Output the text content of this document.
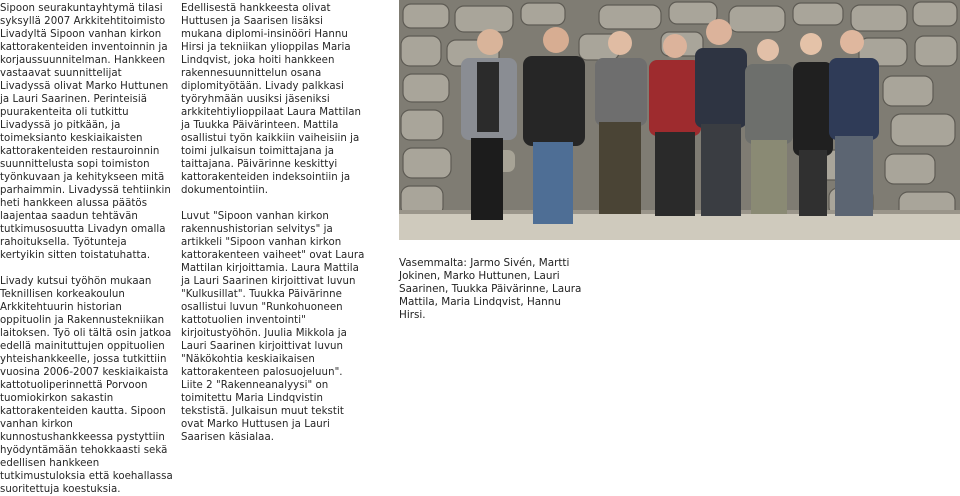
Sipoon seurakuntayhtymä tilasi syksyllä 2007 Arkkitehtitoimisto Livadyltä Sipoon vanhan kirkon kattorakenteiden inventoinnin ja korjaussuunnitelman. Hankkeen vastaavat suunnittelijat Livadyssä olivat Marko Huttunen ja Lauri Saarinen. Perinteisiä puurakenteita oli tutkittu Livadyssä jo pitkään, ja toimeksianto keskiaikaisten kattorakenteiden restauroinnin suunnittelusta sopi toimiston työnkuvaan ja kehitykseen mitä parhaimmin. Livadyssä tehtiinkin heti hankkeen alussa päätös laajentaa saadun tehtävän tutkimusosuutta Livadyn omalla rahoituksella. Työtunteja kertyikin sitten toistatuhatta.

Livady kutsui työhön mukaan Teknillisen korkeakoulun Arkkitehtuurin historian oppituolin ja Rakennustekniikan laitoksen. Työ oli tältä osin jatkoa edellä mainituttujen oppituolien yhteishankkeelle, jossa tutkittiin vuosina 2006-2007 keskiaikaista kattotuoliperinnettä Porvoon tuomiokirkon sakastin kattorakenteiden kautta. Sipoon vanhan kirkon kunnostushankkeessa pystyttiin hyödyntämään tehokkaasti sekä edellisen hankkeen tutkimustuloksia että koehallassa suoritettuja koestuksia.

Edellisestä hankkeesta olivat Huttusen ja Saarisen lisäksi mukana diplomi-insinööri Hannu Hirsi ja tekniikan ylioppilas Maria Lindqvist, joka hoiti hankkeen rakennesuunnittelun osana diplomityötään. Livady palkkasi työryhmään uusiksi jäseniksi arkkitehtiylioppilaat Laura Mattilan ja Tuukka Päivärinteen. Mattila osallistui työn kaikkiin vaiheisiin ja toimi julkaisun toimittajana ja taittajana. Päivärinne keskittyi kattorakenteiden indeksointiin ja dokumentointiin.

Luvut "Sipoon vanhan kirkon rakennushistorian selvitys" ja artikkeli "Sipoon vanhan kirkon kattorakenteen vaiheet" ovat Laura Mattilan kirjoittamia. Laura Mattila ja Lauri Saarinen kirjoittivat luvun "Kulkusillat". Tuukka Päivärinne osallistui luvun "Runkohuoneen kattotuolien inventointi" kirjoitustyöhön. Juulia Mikkola ja Lauri Saarinen kirjoittivat luvun "Näkökohtia keskiaikaisen kattorakenteen palosuojeluun". Liite 2 "Rakenneanalyysi" on toimitettu Maria Lindqvistin tekstistä. Julkaisun muut tekstit ovat Marko Huttusen ja Lauri Saarisen käsialaa.

Vasemmalta: Jarmo Sivén, Martti Jokinen, Marko Huttunen, Lauri Saarinen, Tuukka Päivärinne, Laura Mattila, Maria Lindqvist, Hannu Hirsi.
